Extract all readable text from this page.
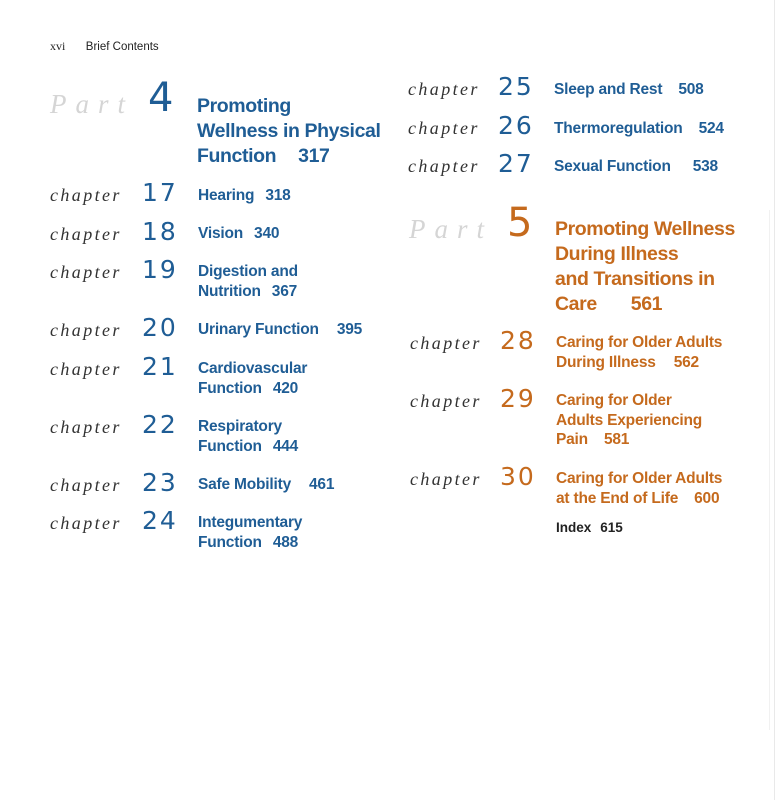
xvi Brief Contents
Part 4 Promoting
Wellness in Physical
Function 317
chapter 17 Hearing 318
chapter 18 Vision 340
chapter 19 Digestion and
Nutrition 367
chapter 20 Urinary Function 395
chapter 21 Cardiovascular
Function 420
chapter 22 Respiratory
Function 444
chapter 23 Safe Mobility 461
chapter 24 Integumentary
Function 488
chapter 25 Sleep and Rest 508
chapter 26 Thermoregulation 524
chapter 27 Sexual Function 538
Part 5 Promoting Wellness
During Illness
and Transitions in
Care 561
chapter 28 Caring for Older Adults
During Illness 562
chapter 29 Caring for Older
Adults Experiencing
Pain 581
chapter 30 Caring for Older Adults
at the End of Life 600
Index 615
